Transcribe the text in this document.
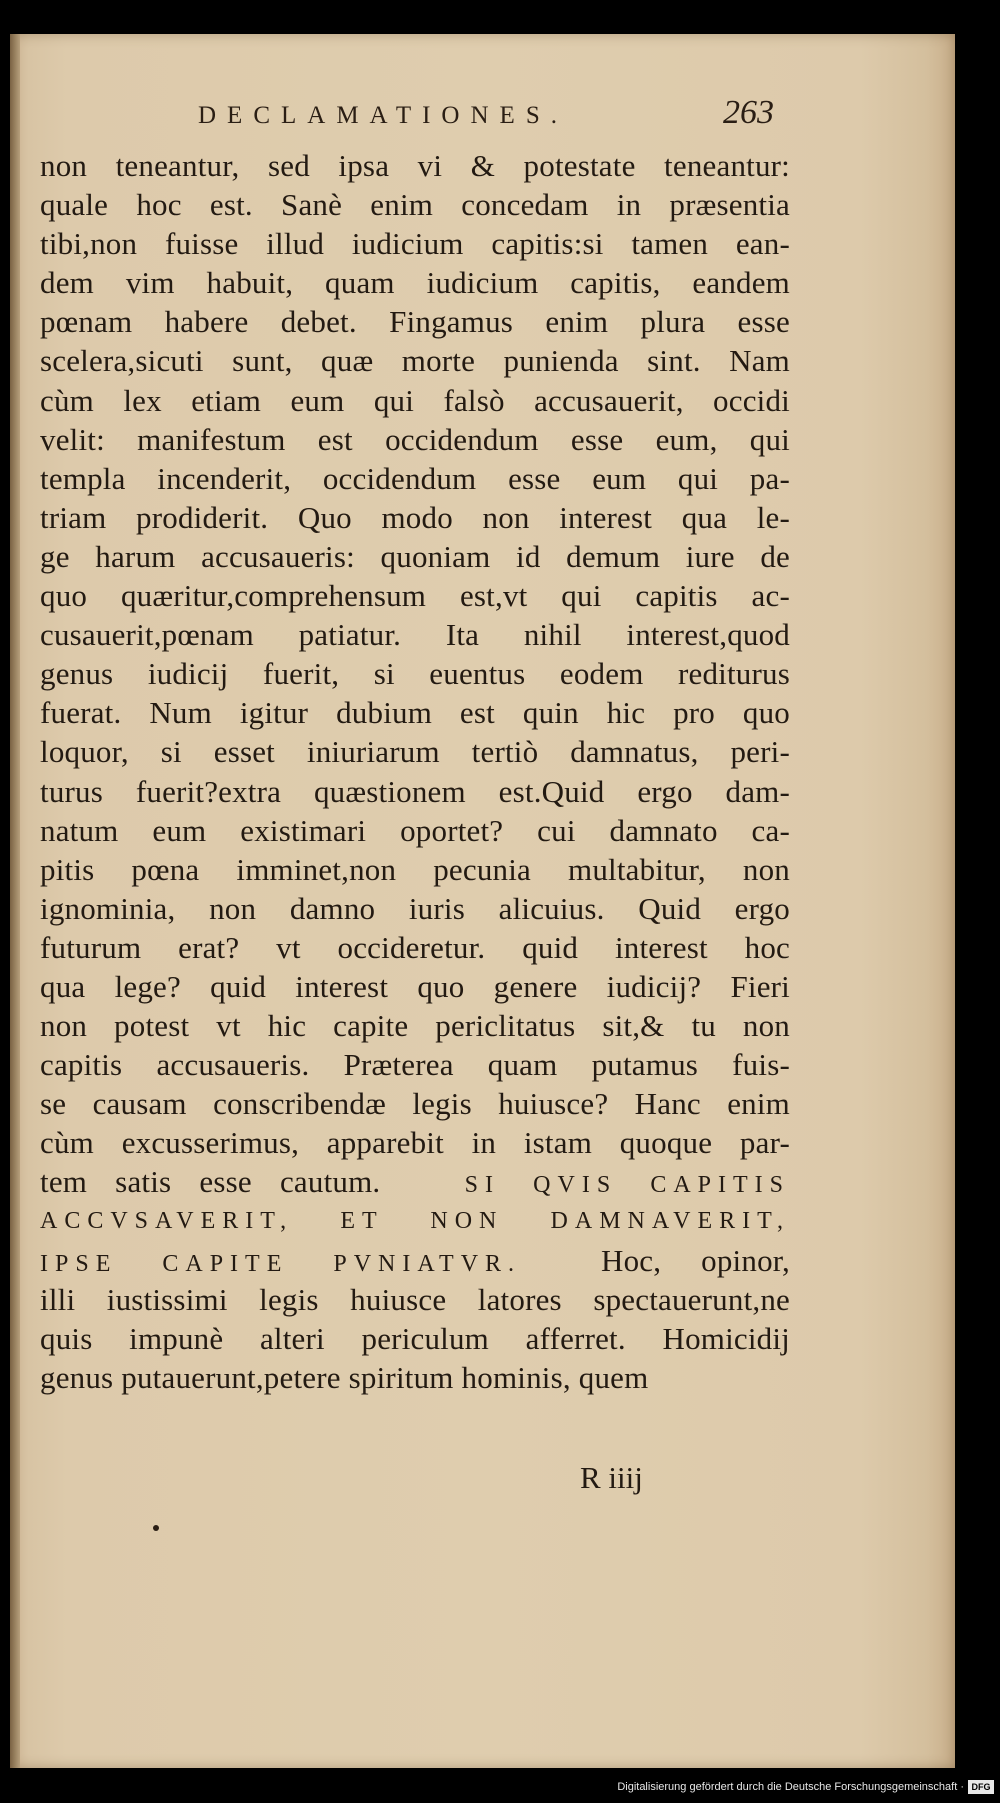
DECLAMATIONES.	263
non teneantur, sed ipsa vi & potestate teneantur:
quale hoc est. Sanè enim concedam in præsentia
tibi,non fuisse illud iudicium capitis:si tamen ean-
dem vim habuit, quam iudicium capitis, eandem
pœnam habere debet. Fingamus enim plura esse
scelera,sicuti sunt, quæ morte punienda sint. Nam
cùm lex etiam eum qui falsò accusauerit, occidi
velit: manifestum est occidendum esse eum, qui
templa incenderit, occidendum esse eum qui pa-
triam prodiderit. Quo modo non interest qua le-
ge harum accusaueris: quoniam id demum iure de
quo quæritur,comprehensum est,vt qui capitis ac-
cusauerit,pœnam patiatur. Ita nihil interest,quod
genus iudicij fuerit, si euentus eodem rediturus
fuerat. Num igitur dubium est quin hic pro quo
loquor, si esset iniuriarum tertiò damnatus, peri-
turus fuerit?extra quæstionem est.Quid ergo dam-
natum eum existimari oportet? cui damnato ca-
pitis pœna imminet,non pecunia multabitur, non
ignominia, non damno iuris alicuius. Quid ergo
futurum erat? vt occideretur. quid interest hoc
qua lege? quid interest quo genere iudicij? Fieri
non potest vt hic capite periclitatus sit,& tu non
capitis accusaueris. Præterea quam putamus fuis-
se causam conscribendæ legis huiusce? Hanc enim
cùm excusserimus, apparebit in istam quoque par-
tem satis esse cautum.	SI QVIS CAPITIS
ACCVSAVERIT, ET NON DAMNAVERIT,
IPSE CAPITE PVNIATVR.	Hoc, opinor,
illi iustissimi legis huiusce latores spectauerunt,ne
quis impunè alteri periculum afferret. Homicidij
genus putauerunt,petere spiritum hominis, quem
R iiij
Digitalisierung gefördert durch die Deutsche Forschungsgemeinschaft · DFG
